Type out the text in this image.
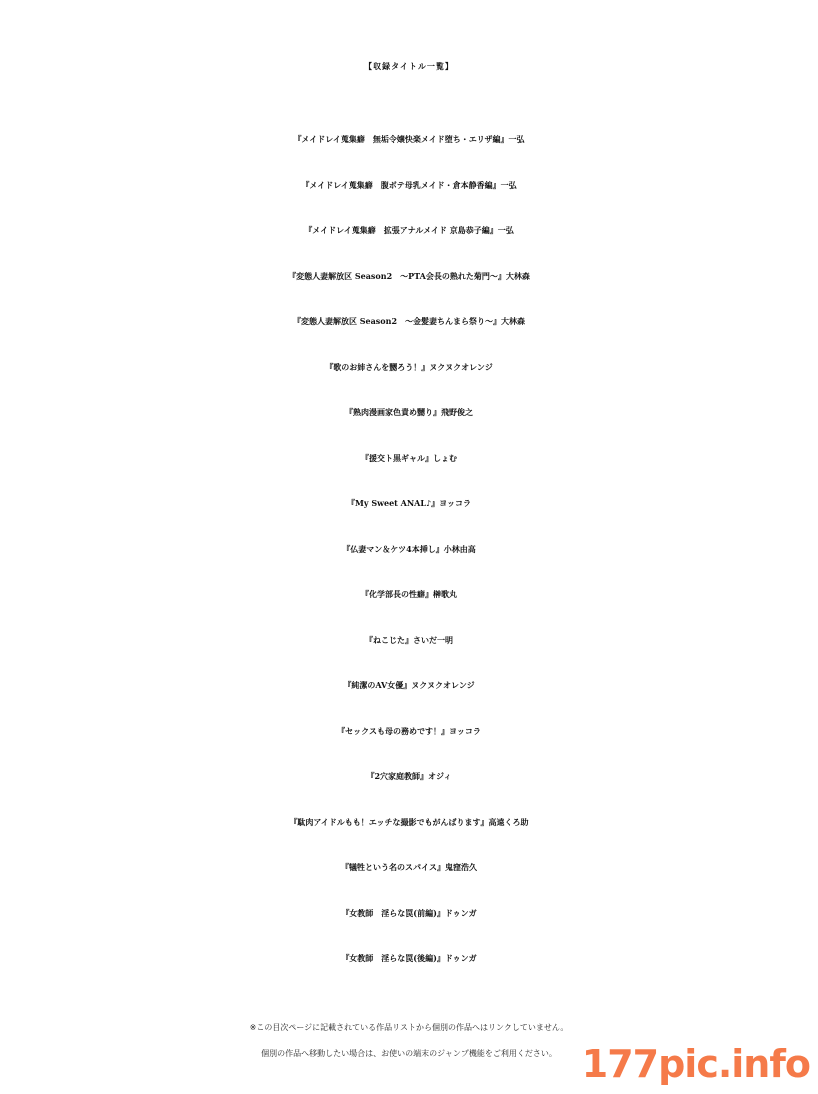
【収録タイトル一覧】
『メイドレイ蒐集癖　無垢令嬢快楽メイド堕ち・エリザ編』一弘
『メイドレイ蒐集癖　腹ボテ母乳メイド・倉本静香編』一弘
『メイドレイ蒐集癖　拡張アナルメイド 京島恭子編』一弘
『変態人妻解放区 Season2　～PTA会長の熟れた菊門～』大林森
『変態人妻解放区 Season2　～金髪妻ちんまら祭り～』大林森
『歌のお姉さんを嬲ろう！』ヌクヌクオレンジ
『熟肉漫画家色責め嬲り』飛野俊之
『援交ト黒ギャル』しょむ
『My Sweet ANAL♪』ヨッコラ
『仏妻マン＆ケツ4本挿し』小林由高
『化学部長の性癖』榊歌丸
『ねこじた』さいだ一明
『純潔のAV女優』ヌクヌクオレンジ
『セックスも母の務めです！』ヨッコラ
『2穴家庭教師』オジィ
『駄肉アイドルもも！エッチな撮影でもがんばります』高遠くろ助
『犠牲という名のスパイス』鬼窪浩久
『女教師　淫らな罠(前編)』ドゥンガ
『女教師　淫らな罠(後編)』ドゥンガ
※この目次ページに記載されている作品リストから個別の作品へはリンクしていません。
個別の作品へ移動したい場合は、お使いの端末のジャンプ機能をご利用ください。 177pic.info
